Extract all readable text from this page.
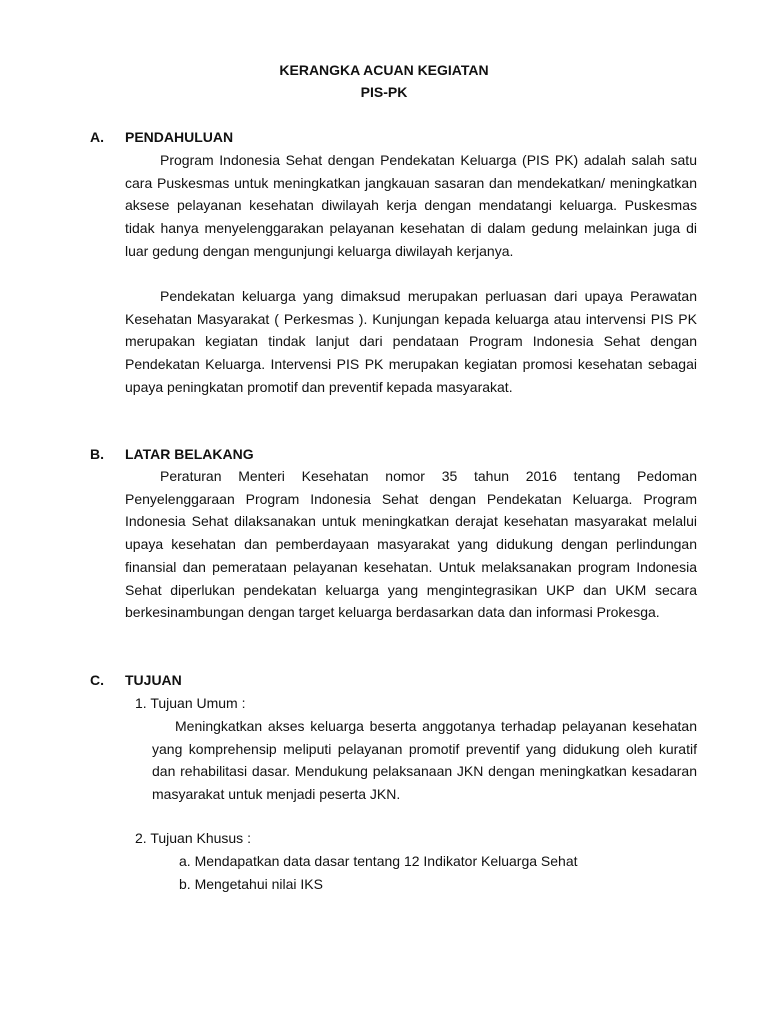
KERANGKA ACUAN KEGIATAN
PIS-PK
A. PENDAHULUAN

Program Indonesia Sehat dengan Pendekatan Keluarga (PIS PK) adalah salah satu cara Puskesmas untuk meningkatkan jangkauan sasaran dan mendekatkan/ meningkatkan aksese pelayanan kesehatan diwilayah kerja dengan mendatangi keluarga. Puskesmas tidak hanya menyelenggarakan pelayanan kesehatan di dalam gedung melainkan juga di luar gedung dengan mengunjungi keluarga diwilayah kerjanya.

Pendekatan keluarga yang dimaksud merupakan perluasan dari upaya Perawatan Kesehatan Masyarakat ( Perkesmas ). Kunjungan kepada keluarga atau intervensi PIS PK merupakan kegiatan tindak lanjut dari pendataan Program Indonesia Sehat dengan Pendekatan Keluarga. Intervensi PIS PK merupakan kegiatan promosi kesehatan sebagai upaya peningkatan promotif dan preventif kepada masyarakat.

B. LATAR BELAKANG

Peraturan Menteri Kesehatan nomor 35 tahun 2016 tentang Pedoman Penyelenggaraan Program Indonesia Sehat dengan Pendekatan Keluarga. Program Indonesia Sehat dilaksanakan untuk meningkatkan derajat kesehatan masyarakat melalui upaya kesehatan dan pemberdayaan masyarakat yang didukung dengan perlindungan finansial dan pemerataan pelayanan kesehatan. Untuk melaksanakan program Indonesia Sehat diperlukan pendekatan keluarga yang mengintegrasikan UKP dan UKM secara berkesinambungan dengan target keluarga berdasarkan data dan informasi Prokesga.

C. TUJUAN
1. Tujuan Umum :

Meningkatkan akses keluarga beserta anggotanya terhadap pelayanan kesehatan yang komprehensip meliputi pelayanan promotif preventif yang didukung oleh kuratif dan rehabilitasi dasar. Mendukung pelaksanaan JKN dengan meningkatkan kesadaran masyarakat untuk menjadi peserta JKN.

2. Tujuan Khusus :
a. Mendapatkan data dasar tentang 12 Indikator Keluarga Sehat
b. Mengetahui nilai IKS
